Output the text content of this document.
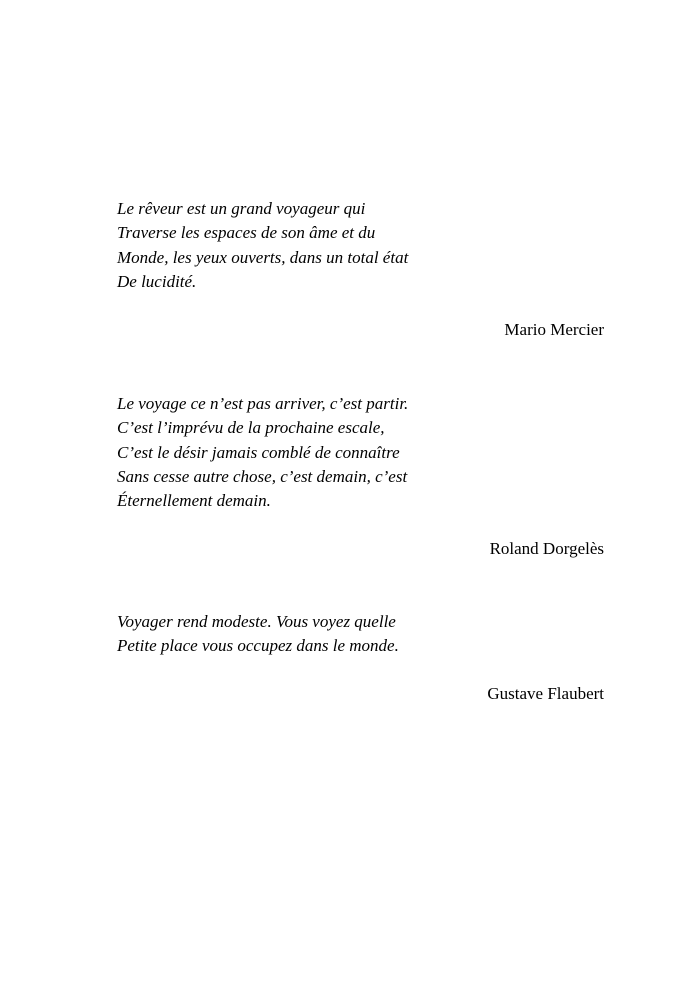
Le rêveur est un grand voyageur qui
Traverse les espaces de son âme et du
Monde, les yeux ouverts, dans un total état
De lucidité.
Mario Mercier
Le voyage ce n’est pas arriver, c’est partir.
C’est l’imprévu de la prochaine escale,
C’est le désir jamais comblé de connaître
Sans cesse autre chose, c’est demain, c’est
Éternellement demain.
Roland Dorgelès
Voyager rend modeste. Vous voyez quelle
Petite place vous occupez dans le monde.
Gustave Flaubert
